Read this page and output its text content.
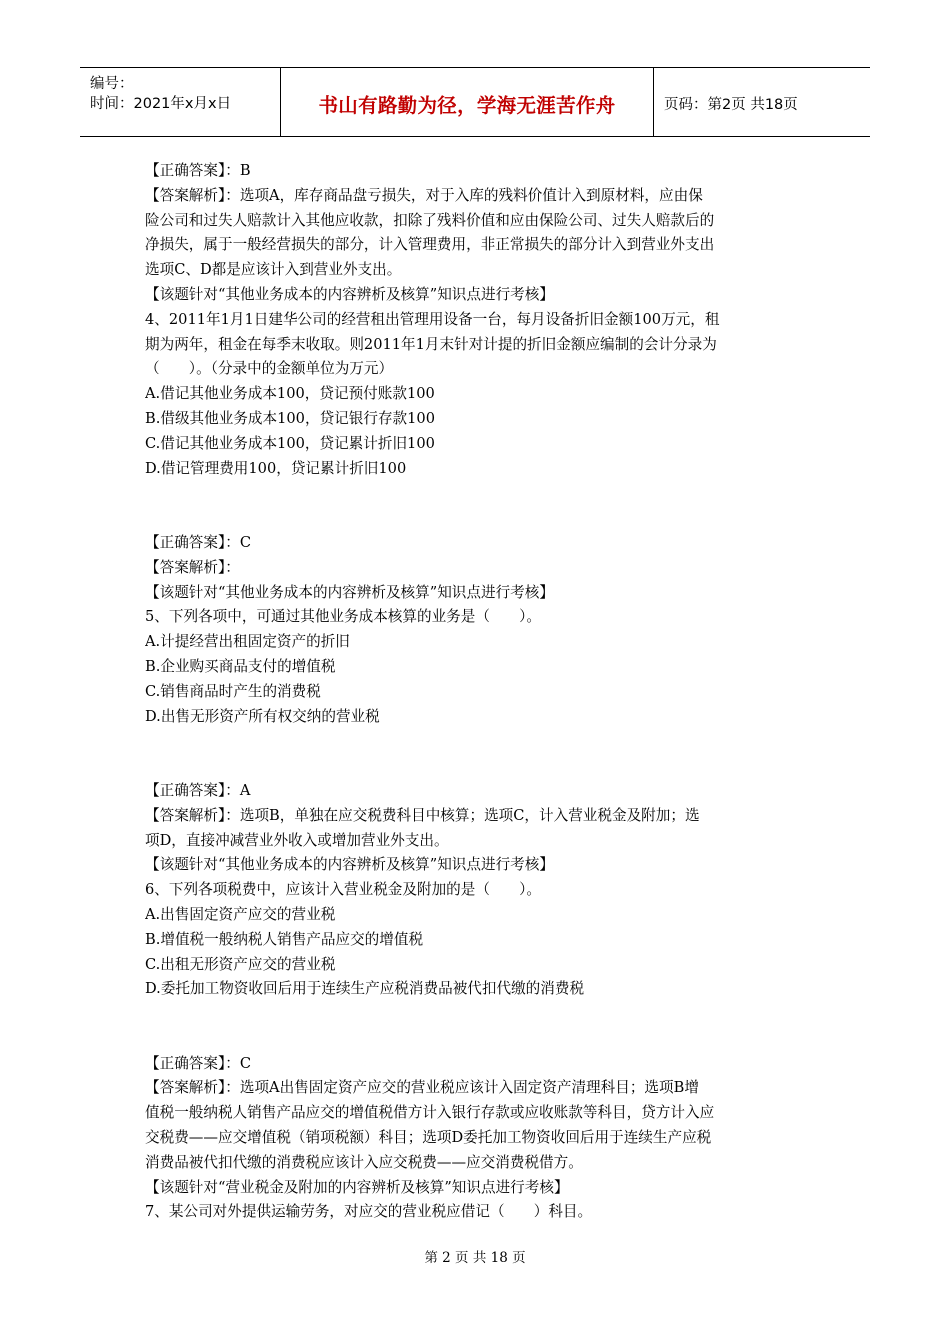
编号：
时间：2021年x月x日	书山有路勤为径，学海无涯苦作舟	页码：第2页 共18页
【正确答案】：B
【答案解析】：选项A，库存商品盘亏损失，对于入库的残料价值计入到原材料，应由保
险公司和过失人赔款计入其他应收款，扣除了残料价值和应由保险公司、过失人赔款后的
净损失，属于一般经营损失的部分，计入管理费用，非正常损失的部分计入到营业外支出
选项C、D都是应该计入到营业外支出。
【该题针对“其他业务成本的内容辨析及核算”知识点进行考核】
4、2011年1月1日建华公司的经营租出管理用设备一台，每月设备折旧金额100万元，租
期为两年，租金在每季末收取。则2011年1月末针对计提的折旧金额应编制的会计分录为
（　　）。（分录中的金额单位为万元）
A.借记其他业务成本100，贷记预付账款100
B.借级其他业务成本100，贷记银行存款100
C.借记其他业务成本100，贷记累计折旧100
D.借记管理费用100，贷记累计折旧100
【正确答案】：C
【答案解析】：
【该题针对“其他业务成本的内容辨析及核算”知识点进行考核】
5、下列各项中，可通过其他业务成本核算的业务是（　　）。
A.计提经营出租固定资产的折旧
B.企业购买商品支付的增值税
C.销售商品时产生的消费税
D.出售无形资产所有权交纳的营业税
【正确答案】：A
【答案解析】：选项B，单独在应交税费科目中核算；选项C，计入营业税金及附加；选
项D，直接冲减营业外收入或增加营业外支出。
【该题针对“其他业务成本的内容辨析及核算”知识点进行考核】
6、下列各项税费中，应该计入营业税金及附加的是（　　）。
A.出售固定资产应交的营业税
B.增值税一般纳税人销售产品应交的增值税
C.出租无形资产应交的营业税
D.委托加工物资收回后用于连续生产应税消费品被代扣代缴的消费税
【正确答案】：C
【答案解析】：选项A出售固定资产应交的营业税应该计入固定资产清理科目；选项B增
值税一般纳税人销售产品应交的增值税借方计入银行存款或应收账款等科目，贷方计入应
交税费——应交增值税（销项税额）科目；选项D委托加工物资收回后用于连续生产应税
消费品被代扣代缴的消费税应该计入应交税费——应交消费税借方。
【该题针对“营业税金及附加的内容辨析及核算”知识点进行考核】
7、某公司对外提供运输劳务，对应交的营业税应借记（　　）科目。
第 2 页 共 18 页
